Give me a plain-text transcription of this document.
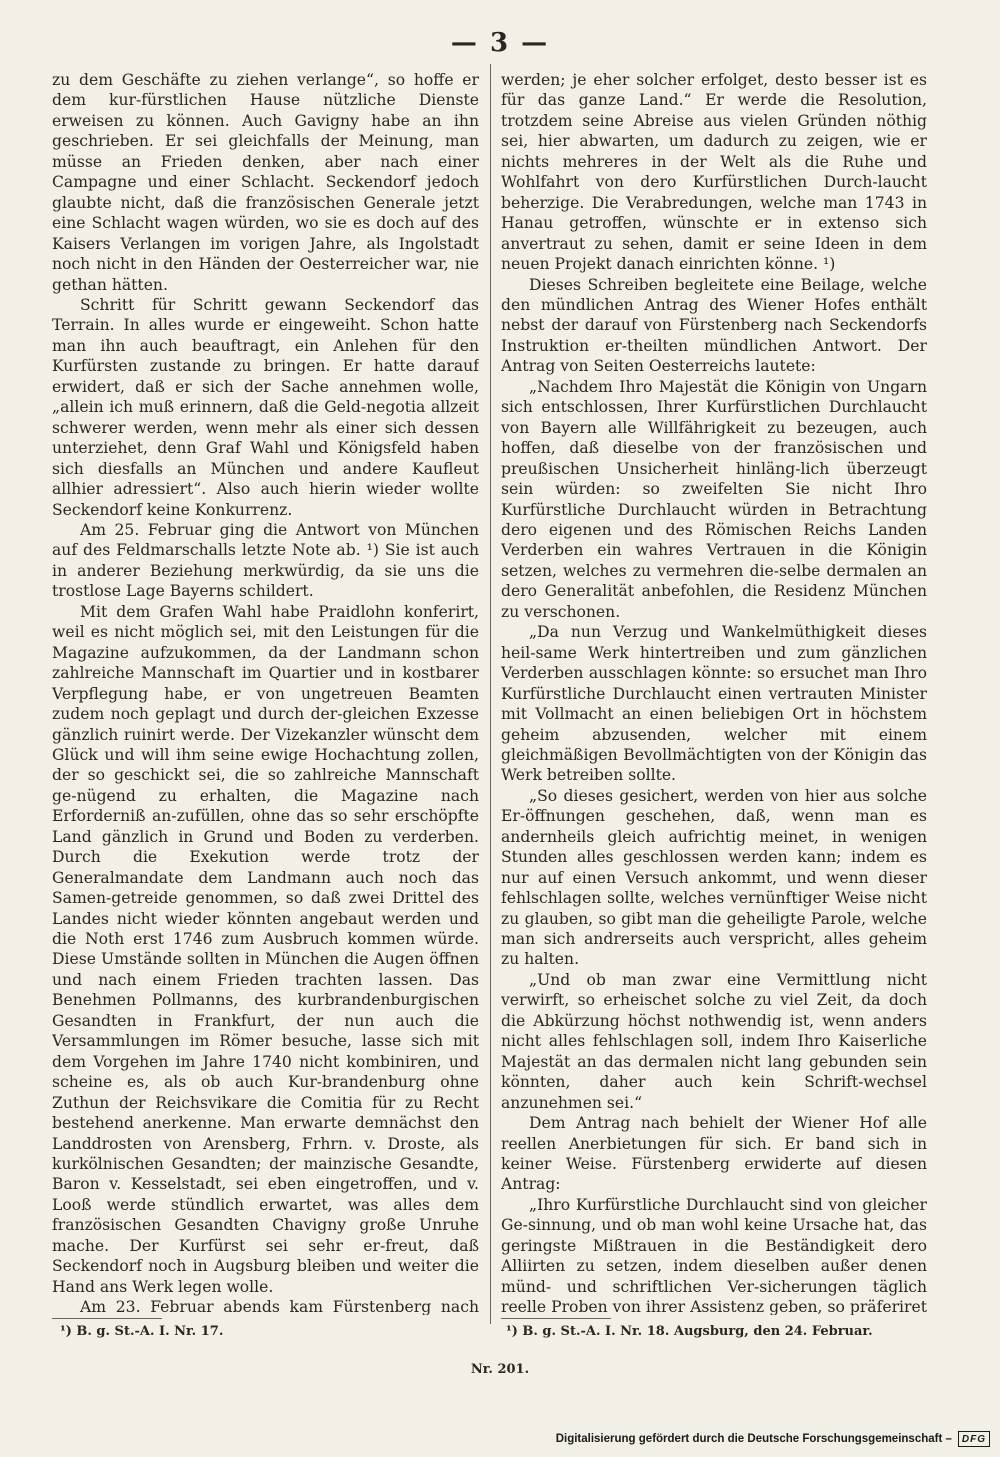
— 3 —

zu dem Geschäfte zu ziehen verlange“, so hoffe er dem kur-fürstlichen Hause nützliche Dienste erweisen zu können. Auch Gavigny habe an ihn geschrieben. Er sei gleichfalls der Meinung, man müsse an Frieden denken, aber nach einer Campagne und einer Schlacht. Seckendorf jedoch glaubte nicht, daß die französischen Generale jetzt eine Schlacht wagen würden, wo sie es doch auf des Kaisers Verlangen im vorigen Jahre, als Ingolstadt noch nicht in den Händen der Oesterreicher war, nie gethan hätten.

Schritt für Schritt gewann Seckendorf das Terrain. In alles wurde er eingeweiht. Schon hatte man ihn auch beauftragt, ein Anlehen für den Kurfürsten zustande zu bringen. Er hatte darauf erwidert, daß er sich der Sache annehmen wolle, „allein ich muß erinnern, daß die Geld-negotia allzeit schwerer werden, wenn mehr als einer sich dessen unterziehet, denn Graf Wahl und Königsfeld haben sich diesfalls an München und andere Kaufleut allhier adressiert“. Also auch hierin wieder wollte Seckendorf keine Konkurrenz.

Am 25. Februar ging die Antwort von München auf des Feldmarschalls letzte Note ab. ¹) Sie ist auch in anderer Beziehung merkwürdig, da sie uns die trostlose Lage Bayerns schildert.

Mit dem Grafen Wahl habe Praidlohn konferirt, weil es nicht möglich sei, mit den Leistungen für die Magazine aufzukommen, da der Landmann schon zahlreiche Mannschaft im Quartier und in kostbarer Verpflegung habe, er von ungetreuen Beamten zudem noch geplagt und durch der-gleichen Exzesse gänzlich ruinirt werde. Der Vizekanzler wünscht dem Glück und will ihm seine ewige Hochachtung zollen, der so geschickt sei, die so zahlreiche Mannschaft ge-nügend zu erhalten, die Magazine nach Erforderniß an-zufüllen, ohne das so sehr erschöpfte Land gänzlich in Grund und Boden zu verderben. Durch die Exekution werde trotz der Generalmandate dem Landmann auch noch das Samen-getreide genommen, so daß zwei Drittel des Landes nicht wieder könnten angebaut werden und die Noth erst 1746 zum Ausbruch kommen würde. Diese Umstände sollten in München die Augen öffnen und nach einem Frieden trachten lassen. Das Benehmen Pollmanns, des kurbrandenburgischen Gesandten in Frankfurt, der nun auch die Versammlungen im Römer besuche, lasse sich mit dem Vorgehen im Jahre 1740 nicht kombiniren, und scheine es, als ob auch Kur-brandenburg ohne Zuthun der Reichsvikare die Comitia für zu Recht bestehend anerkenne. Man erwarte demnächst den Landdrosten von Arensberg, Frhrn. v. Droste, als kurkölnischen Gesandten; der mainzische Gesandte, Baron v. Kesselstadt, sei eben eingetroffen, und v. Looß werde stündlich erwartet, was alles dem französischen Gesandten Chavigny große Unruhe mache. Der Kurfürst sei sehr er-freut, daß Seckendorf noch in Augsburg bleiben und weiter die Hand ans Werk legen wolle.

Am 23. Februar abends kam Fürstenberg nach

werden; je eher solcher erfolget, desto besser ist es für das ganze Land.“ Er werde die Resolution, trotzdem seine Abreise aus vielen Gründen nöthig sei, hier abwarten, um dadurch zu zeigen, wie er nichts mehreres in der Welt als die Ruhe und Wohlfahrt von dero Kurfürstlichen Durch-laucht beherzige. Die Verabredungen, welche man 1743 in Hanau getroffen, wünschte er in extenso sich anvertraut zu sehen, damit er seine Ideen in dem neuen Projekt danach einrichten könne. ¹)

Dieses Schreiben begleitete eine Beilage, welche den mündlichen Antrag des Wiener Hofes enthält nebst der darauf von Fürstenberg nach Seckendorfs Instruktion er-theilten mündlichen Antwort. Der Antrag von Seiten Oesterreichs lautete:

„Nachdem Ihro Majestät die Königin von Ungarn sich entschlossen, Ihrer Kurfürstlichen Durchlaucht von Bayern alle Willfährigkeit zu bezeugen, auch hoffen, daß dieselbe von der französischen und preußischen Unsicherheit hinläng-lich überzeugt sein würden: so zweifelten Sie nicht Ihro Kurfürstliche Durchlaucht würden in Betrachtung dero eigenen und des Römischen Reichs Landen Verderben ein wahres Vertrauen in die Königin setzen, welches zu vermehren die-selbe dermalen an dero Generalität anbefohlen, die Residenz München zu verschonen.

„Da nun Verzug und Wankelmüthigkeit dieses heil-same Werk hintertreiben und zum gänzlichen Verderben ausschlagen könnte: so ersuchet man Ihro Kurfürstliche Durchlaucht einen vertrauten Minister mit Vollmacht an einen beliebigen Ort in höchstem geheim abzusenden, welcher mit einem gleichmäßigen Bevollmächtigten von der Königin das Werk betreiben sollte.

„So dieses gesichert, werden von hier aus solche Er-öffnungen geschehen, daß, wenn man es andernheils gleich aufrichtig meinet, in wenigen Stunden alles geschlossen werden kann; indem es nur auf einen Versuch ankommt, und wenn dieser fehlschlagen sollte, welches vernünftiger Weise nicht zu glauben, so gibt man die geheiligte Parole, welche man sich andrerseits auch verspricht, alles geheim zu halten.

„Und ob man zwar eine Vermittlung nicht verwirft, so erheischet solche zu viel Zeit, da doch die Abkürzung höchst nothwendig ist, wenn anders nicht alles fehlschlagen soll, indem Ihro Kaiserliche Majestät an das dermalen nicht lang gebunden sein könnten, daher auch kein Schrift-wechsel anzunehmen sei.“

Dem Antrag nach behielt der Wiener Hof alle reellen Anerbietungen für sich. Er band sich in keiner Weise. Fürstenberg erwiderte auf diesen Antrag:

„Ihro Kurfürstliche Durchlaucht sind von gleicher Ge-sinnung, und ob man wohl keine Ursache hat, das geringste Mißtrauen in die Beständigkeit dero Alliirten zu setzen, indem dieselben außer denen münd- und schriftlichen Ver-sicherungen täglich reelle Proben von ihrer Assistenz geben, so präferiret

¹) B. g. St.-A. I. Nr. 17.	¹) B. g. St.-A. I. Nr. 18. Augsburg, den 24. Februar.
Nr. 201.
Digitalisierung gefördert durch die Deutsche Forschungsgemeinschaft –	DFG
